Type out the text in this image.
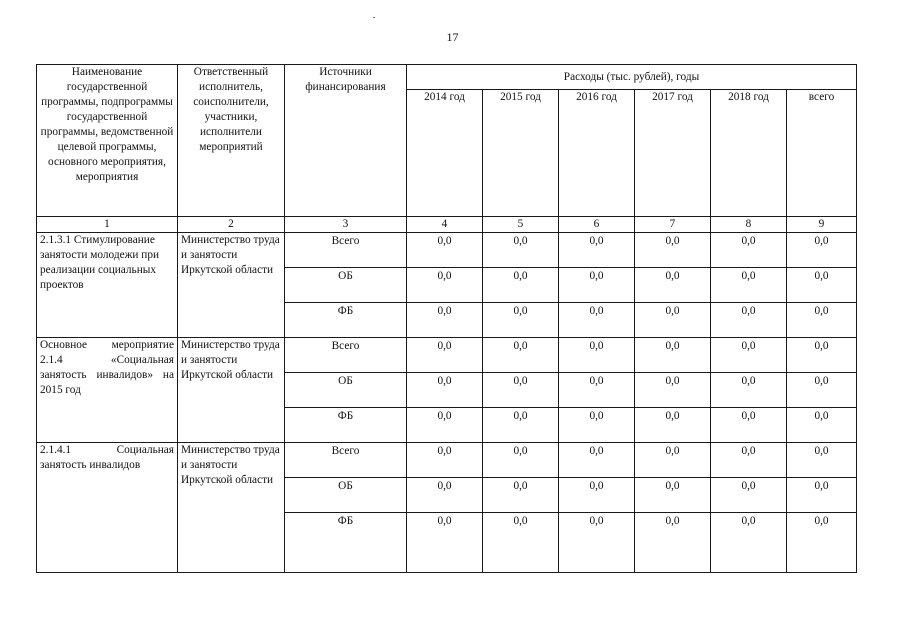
17
Наименование государственной программы, подпрограммы государственной программы, ведомственной целевой программы, основного мероприятия, мероприятия	Ответственный исполнитель, соисполнители, участники, исполнители мероприятий	Источники финансирования	Расходы (тыс. рублей), годы					
			2014 год	2015 год	2016 год	2017 год	2018 год	всего
1	2	3	4	5	6	7	8	9
2.1.3.1 Стимулирование занятости молодежи при реализации социальных проектов	Министерство труда и занятости Иркутской области	Всего	0,0	0,0	0,0	0,0	0,0	0,0
		ОБ	0,0	0,0	0,0	0,0	0,0	0,0
		ФБ	0,0	0,0	0,0	0,0	0,0	0,0
Основное мероприятие 2.1.4 «Социальная занятость инвалидов» на 2015 год	Министерство труда и занятости Иркутской области	Всего	0,0	0,0	0,0	0,0	0,0	0,0
		ОБ	0,0	0,0	0,0	0,0	0,0	0,0
		ФБ	0,0	0,0	0,0	0,0	0,0	0,0
2.1.4.1 Социальная занятость инвалидов	Министерство труда и занятости Иркутской области	Всего	0,0	0,0	0,0	0,0	0,0	0,0
		ОБ	0,0	0,0	0,0	0,0	0,0	0,0
		ФБ	0,0	0,0	0,0	0,0	0,0	0,0
